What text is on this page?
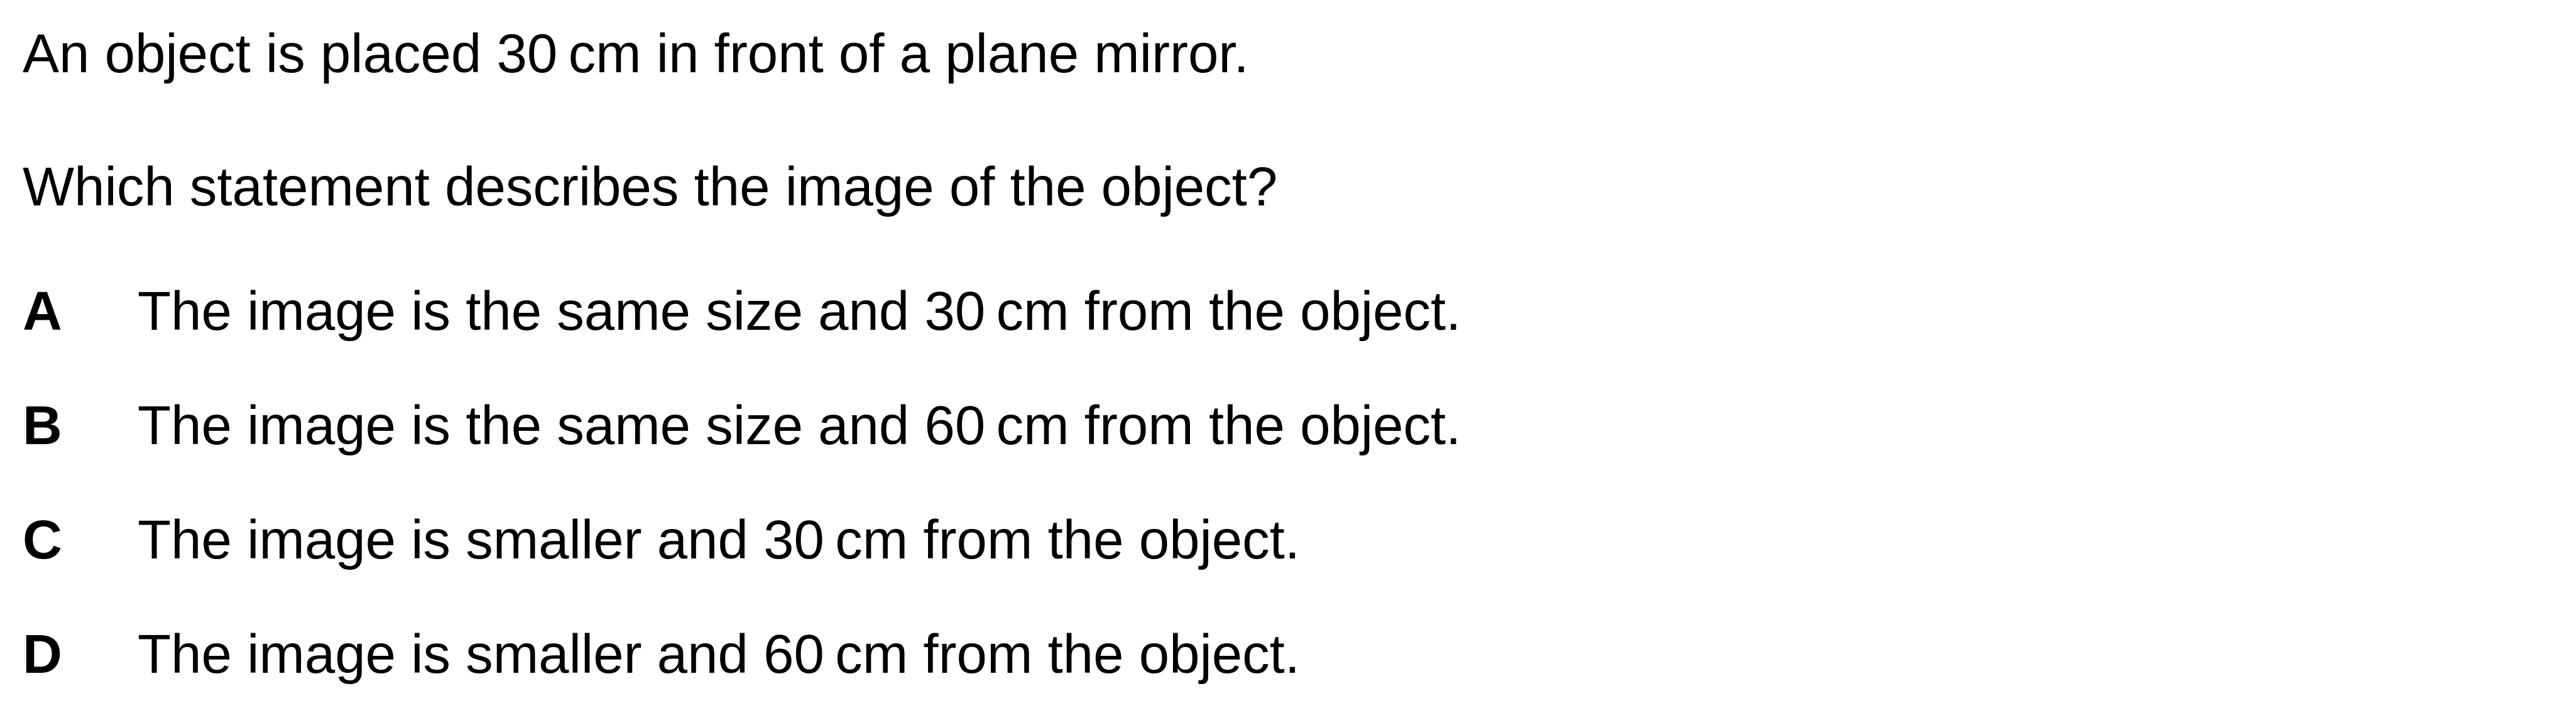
An object is placed 30 cm in front of a plane mirror.
Which statement describes the image of the object?
A	The image is the same size and 30 cm from the object.
B	The image is the same size and 60 cm from the object.
C	The image is smaller and 30 cm from the object.
D	The image is smaller and 60 cm from the object.
